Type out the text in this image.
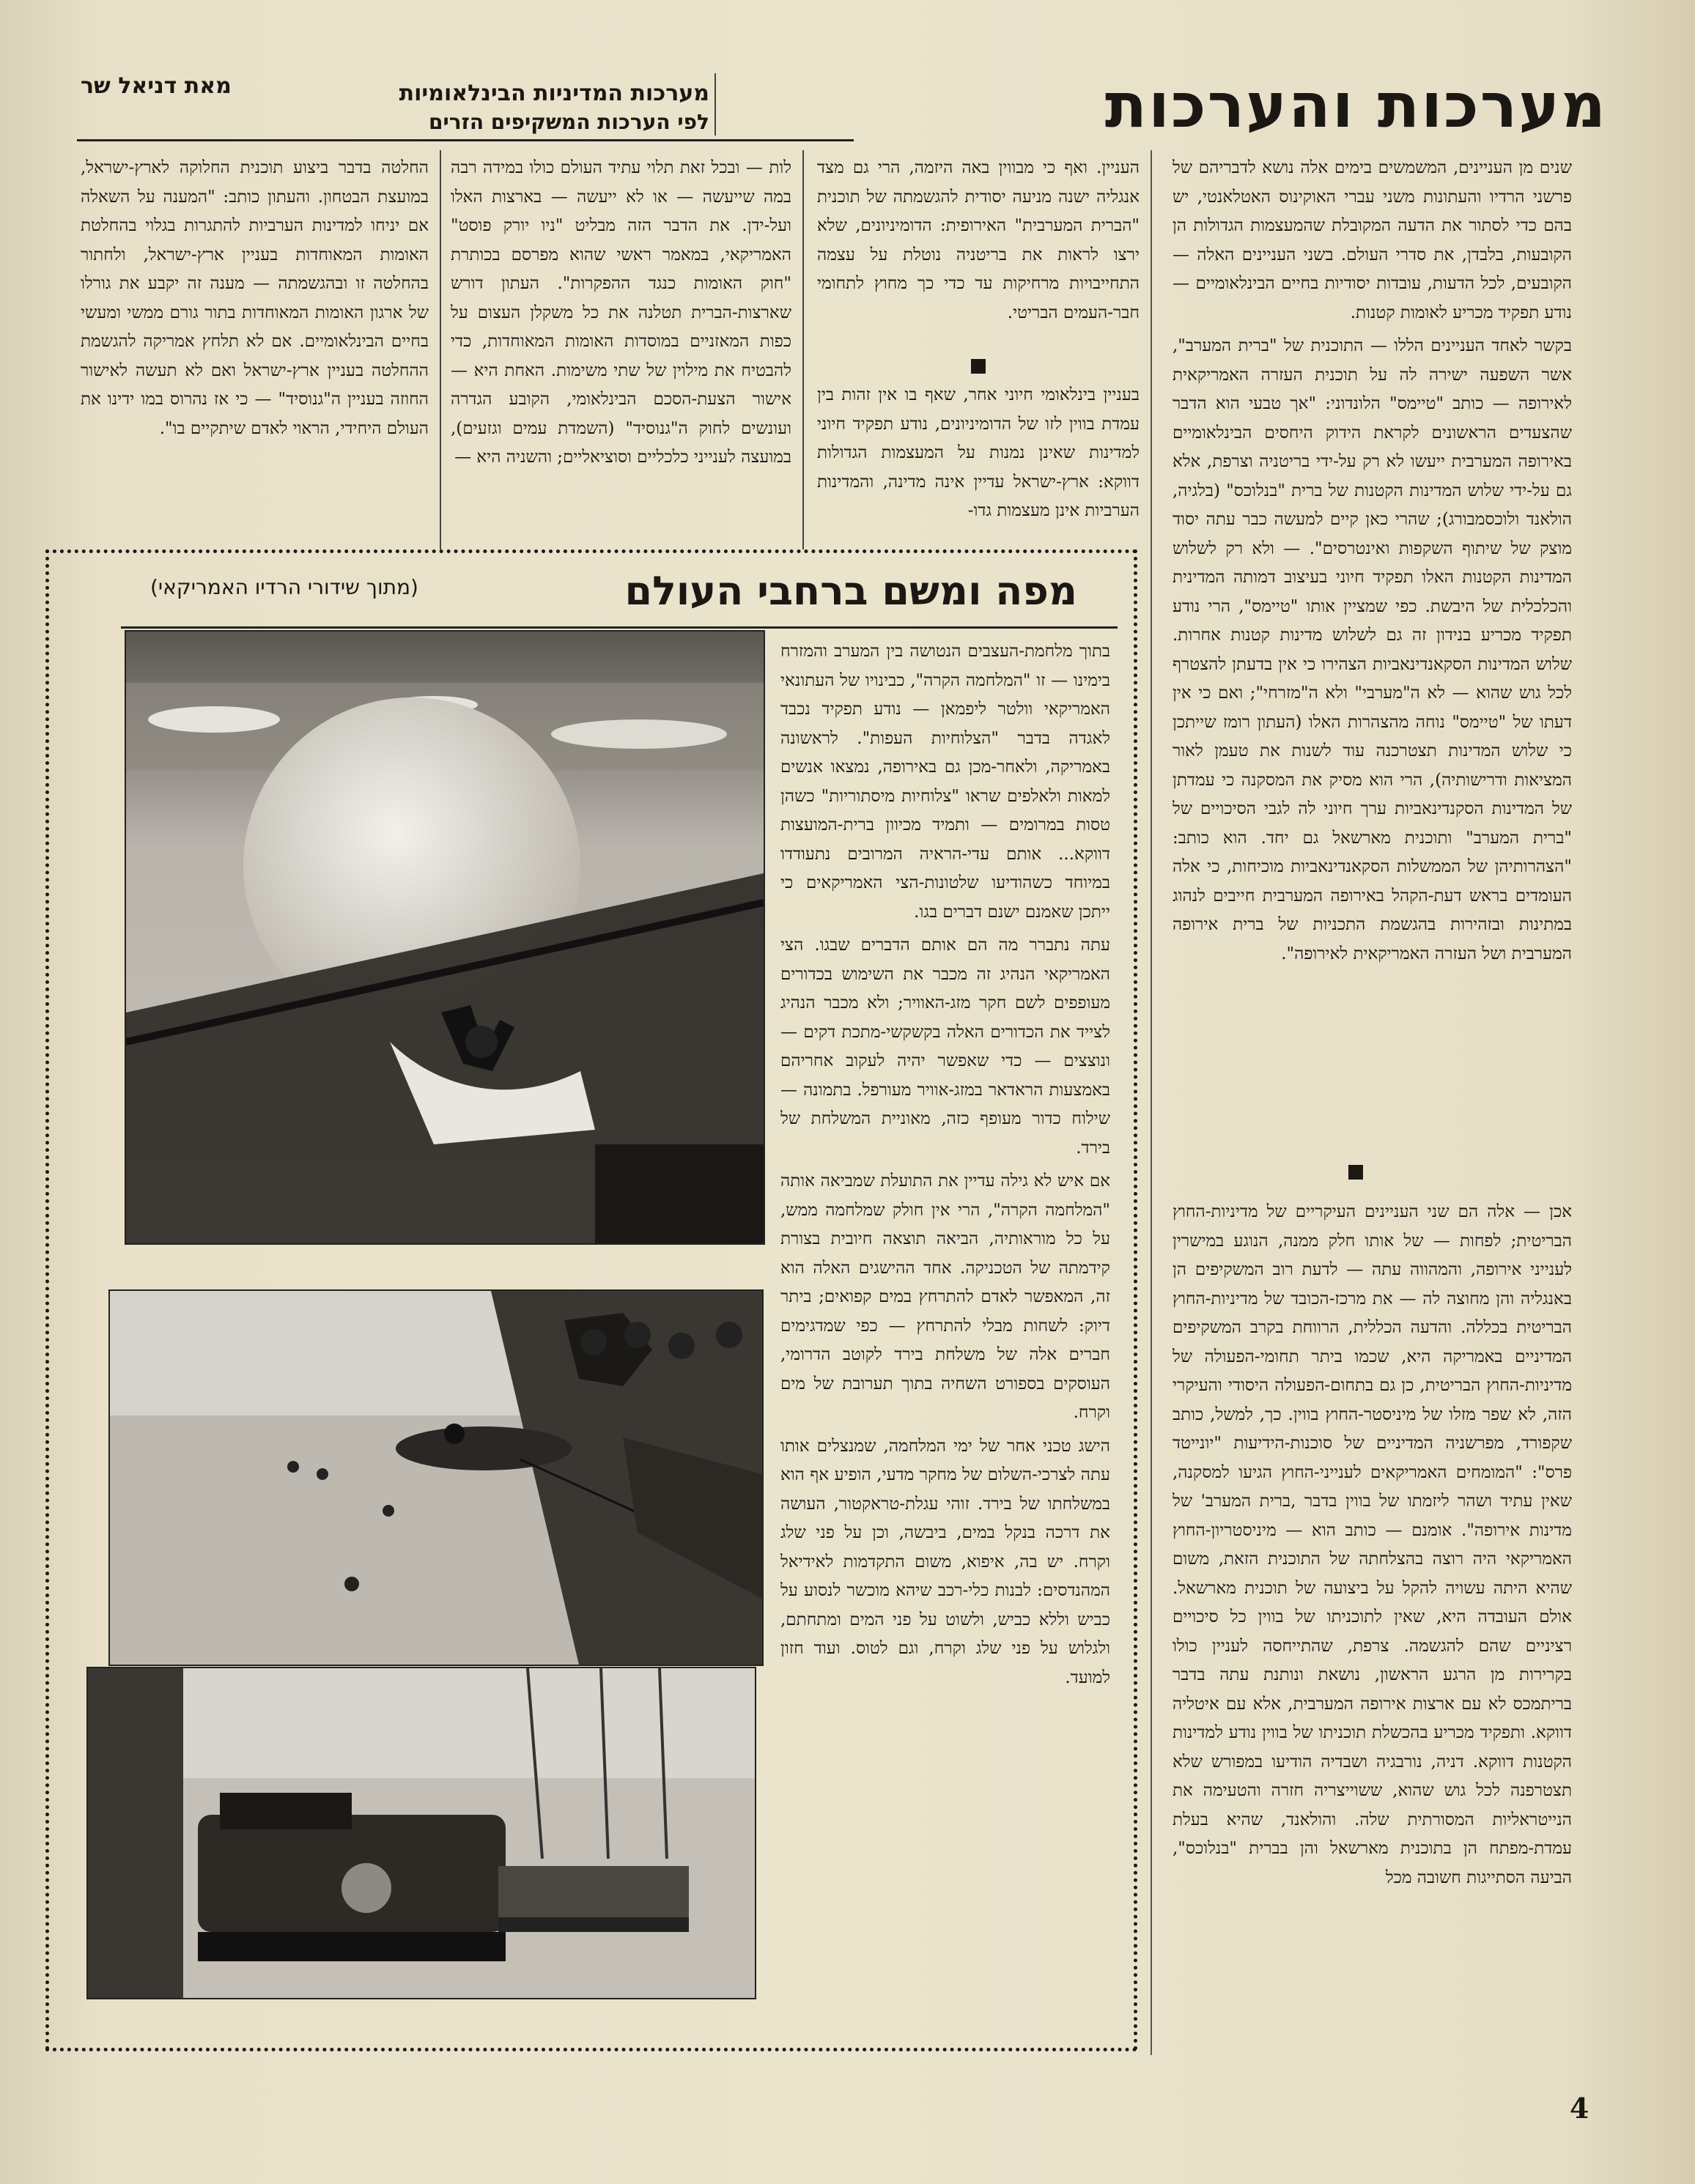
מערכות והערכות
מערכות המדיניות הבינלאומיות
לפי הערכות המשקיפים הזרים
מאת דניאל שר

שנים מן העניינים, המשמשים בימים אלה נושא לדבריהם של פרשני הרדיו והעתונות משני עברי האוקינוס האטלאנטי, יש בהם כדי לסתור את הדעה המקובלת שהמעצמות הגדולות הן הקובעות, בלבדן, את סדרי העולם. בשני העניינים האלה — הקובעים, לכל הדעות, עובדות יסודיות בחיים הבינלאומיים — נודע תפקיד מכריע לאומות קטנות.

בקשר לאחד העניינים הללו — התוכנית של "ברית המערב", אשר השפעה ישירה לה על תוכנית העזרה האמריקאית לאירופה — כותב "טיימס" הלונדוני: "אך טבעי הוא הדבר שהצעדים הראשונים לקראת הידוק היחסים הבינלאומיים באירופה המערבית ייעשו לא רק על-ידי בריטניה וצרפת, אלא גם על-ידי שלוש המדינות הקטנות של ברית "בנלוכס" (בלגיה, הולאנד ולוכסמבורג); שהרי כאן קיים למעשה כבר עתה יסוד מוצק של שיתוף השקפות ואינטרסים". — ולא רק לשלוש המדינות הקטנות האלו תפקיד חיוני בעיצוב דמותה המדינית והכלכלית של היבשת. כפי שמציין אותו "טיימס", הרי נודע תפקיד מכריע בנידון זה גם לשלוש מדינות קטנות אחרות. שלוש המדינות הסקאנדינאביות הצהירו כי אין בדעתן להצטרף לכל גוש שהוא — לא ה"מערבי" ולא ה"מזרחי"; ואם כי אין דעתו של "טיימס" נוחה מהצהרות האלו (העתון רומז שייתכן כי שלוש המדינות תצטרכנה עוד לשנות את טעמן לאור המציאות ודרישותיה), הרי הוא מסיק את המסקנה כי עמדתן של המדינות הסקנדינאביות ערך חיוני לה לגבי הסיכויים של "ברית המערב" ותוכנית מארשאל גם יחד. הוא כותב: "הצהרותיהן של הממשלות הסקאנדינאביות מוכיחות, כי אלה העומדים בראש דעת-הקהל באירופה המערבית חייבים לנהוג במתינות ובזהירות בהגשמת התכניות של ברית אירופה המערבית ושל העזרה האמריקאית לאירופה".

אכן — אלה הם שני העניינים העיקריים של מדיניות-החוץ הבריטית; לפחות — של אותו חלק ממנה, הנוגע במישרין לענייני אירופה, והמהווה עתה — לדעת רוב המשקיפים הן באנגליה והן מחוצה לה — את מרכז-הכובד של מדיניות-החוץ הבריטית בכללה. והדעה הכללית, הרווחת בקרב המשקיפים המדיניים באמריקה היא, שכמו ביתר תחומי-הפעולה של מדיניות-החוץ הבריטית, כן גם בתחום-הפעולה היסודי והעיקרי הזה, לא שפר מזלו של מיניסטר-החוץ בווין. כך, למשל, כותב שקפורד, מפרשניה המדיניים של סוכנות-הידיעות "יונייטד פרס": "המומחים האמריקאים לענייני-החוץ הגיעו למסקנה, שאין עתיד ושהר ליזמתו של בווין בדבר ,ברית המערב' של מדינות אירופה". אומנם — כותב הוא — מיניסטריון-החוץ האמריקאי היה רוצה בהצלחתה של התוכנית הזאת, משום שהיא היתה עשויה להקל על ביצועה של תוכנית מארשאל. אולם העובדה היא, שאין לתוכניתו של בווין כל סיכויים רציניים שהם להגשמה. צרפת, שהתייחסה לעניין כולו בקרירות מן הרגע הראשון, נושאת ונותנת עתה בדבר בריתמכס לא עם ארצות אירופה המערבית, אלא עם איטליה דווקא. ותפקיד מכריע בהכשלת תוכניתו של בווין נודע למדינות הקטנות דווקא. דניה, נורבגיה ושבדיה הודיעו במפורש שלא תצטרפנה לכל גוש שהוא, ששוייצריה חזרה והטעימה את הנייטראליות המסורתית שלה. והולאנד, שהיא בעלת עמדת-מפתח הן בתוכנית מארשאל והן בברית "בנלוכס", הביעה הסתייגות חשובה מכל

העניין. ואף כי מבווין באה היזמה, הרי גם מצד אנגליה ישנה מניעה יסודית להגשמתה של תוכנית "הברית המערבית" האירופית: הדומיניונים, שלא ירצו לראות את בריטניה נוטלת על עצמה התחייבויות מרחיקות עד כדי כך מחוץ לתחומי חבר-העמים הבריטי.

בעניין בינלאומי חיוני אחר, שאף בו אין זהות בין עמדת בווין לזו של הדומיניונים, נודע תפקיד חיוני למדינות שאינן נמנות על המעצמות הגדולות דווקא: ארץ-ישראל עדיין אינה מדינה, והמדינות הערביות אינן מעצמות גדו-

לות — ובכל זאת תלוי עתיד העולם כולו במידה רבה במה שייעשה — או לא ייעשה — בארצות האלו ועל-ידן. את הדבר הזה מבליט "ניו יורק פוסט" האמריקאי, במאמר ראשי שהוא מפרסם בכותרת "חוק האומות כנגד ההפקרות". העתון דורש שארצות-הברית תטלנה את כל משקלן העצום על כפות המאזניים במוסדות האומות המאוחדות, כדי להבטיח את מילוין של שתי משימות. האחת היא — אישור הצעת-הסכם הבינלאומי, הקובע הגדרה ועונשים לחוק ה"גנוסיד" (השמדת עמים וגזעים), במועצה לענייני כלכליים וסוציאליים; והשניה היא —

החלטה בדבר ביצוע תוכנית החלוקה לארץ-ישראל, במועצת הבטחון. והעתון כותב: "המענה על השאלה אם יניחו למדינות הערביות להתגרות בגלוי בהחלטת האומות המאוחדות בעניין ארץ-ישראל, ולחתור בהחלטה זו ובהגשמתה — מענה זה יקבע את גורלו של ארגון האומות המאוחדות בתור גורם ממשי ומעשי בחיים הבינלאומיים. אם לא תלחץ אמריקה להגשמת ההחלטה בעניין ארץ-ישראל ואם לא תעשה לאישור החוזה בעניין ה"גנוסיד" — כי אז נהרוס במו ידינו את העולם היחידי, הראוי לאדם שיתקיים בו".

מפה ומשם ברחבי העולם
(מתוך שידורי הרדיו האמריקאי)

בתוך מלחמת-העצבים הנטושה בין המערב והמזרח בימינו — זו "המלחמה הקרה", כבינויו של העתונאי האמריקאי וולטר ליפמאן — נודע תפקיד נכבד לאגדה בדבר "הצלוחיות העפות". לראשונה באמריקה, ולאחר-מכן גם באירופה, נמצאו אנשים למאות ולאלפים שראו "צלוחיות מיסתוריות" כשהן טסות במרומים — ותמיד מכיוון ברית-המועצות דווקא... אותם עדי-הראיה המרובים נתעודדו במיוחד כשהודיעו שלטונות-הצי האמריקאים כי ייתכן שאמנם ישנם דברים בגו.

עתה נתברר מה הם אותם הדברים שבגו. הצי האמריקאי הנהיג זה מכבר את השימוש בכדורים מעופפים לשם חקר מזג-האוויר; ולא מכבר הנהיג לצייד את הכדורים האלה בקשקשי-מתכת דקים — ונוצצים — כדי שאפשר יהיה לעקוב אחריהם באמצעות הראדאר במזג-אוויר מעורפל. בתמונה — שילוח כדור מעופף כזה, מאוניית המשלחת של בירד.

אם איש לא גילה עדיין את התועלת שמביאה אותה "המלחמה הקרה", הרי אין חולק שמלחמה ממש, על כל מוראותיה, הביאה תוצאה חיובית בצורת קידמתה של הטכניקה. אחד ההישגים האלה הוא זה, המאפשר לאדם להתרחץ במים קפואים; ביתר דיוק: לשחות מבלי להתרחץ — כפי שמדגימים חברים אלה של משלחת בירד לקוטב הדרומי, העוסקים בספורט השחיה בתוך תערובת של מים וקרח.

הישג טכני אחר של ימי המלחמה, שמנצלים אותו עתה לצרכי-השלום של מחקר מדעי, הופיע אף הוא במשלחתו של בירד. זוהי עגלת-טראקטור, העושה את דרכה בנקל במים, ביבשה, וכן על פני שלג וקרח. יש בה, איפוא, משום התקדמות לאידיאל המהנדסים: לבנות כלי-רכב שיהא מוכשר לנסוע על כביש וללא כביש, ולשוט על פני המים ומתחתם, ולגלוש על פני שלג וקרח, וגם לטוס. ועוד חזון למועד.

4
